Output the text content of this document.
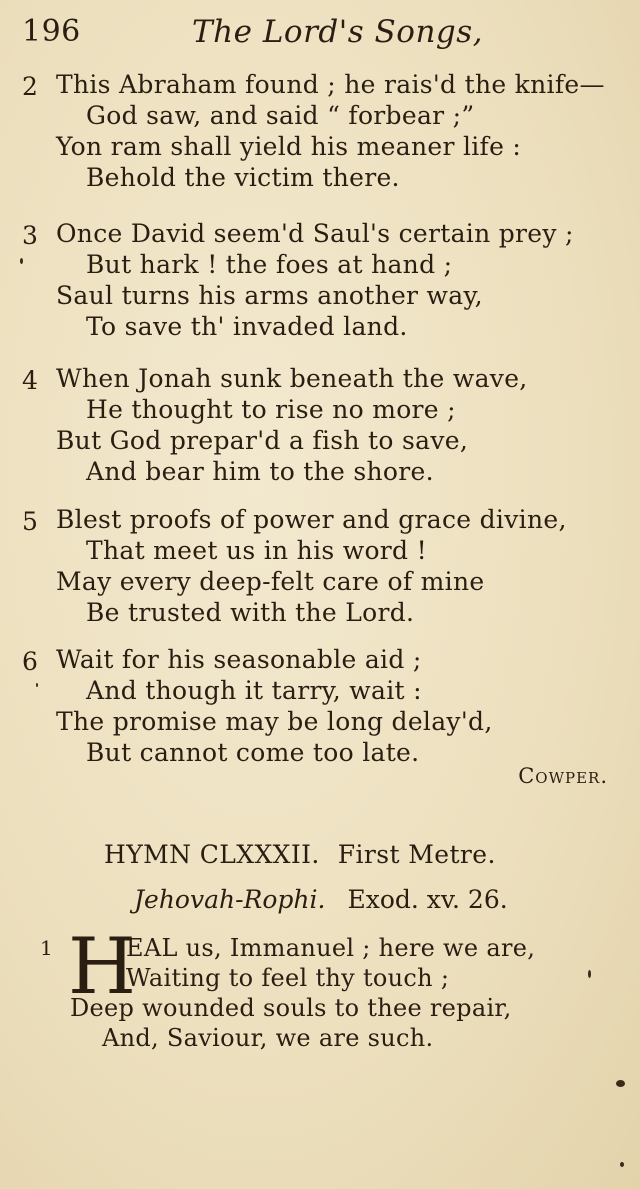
196	The Lord's Songs,
2 This Abraham found ; he rais'd the knife—
God saw, and said “ forbear ;”
Yon ram shall yield his meaner life :
Behold the victim there.
3 Once David seem'd Saul's certain prey ;
But hark ! the foes at hand ;
Saul turns his arms another way,
To save th' invaded land.
4 When Jonah sunk beneath the wave,
He thought to rise no more ;
But God prepar'd a fish to save,
And bear him to the shore.
5 Blest proofs of power and grace divine,
That meet us in his word !
May every deep-felt care of mine
Be trusted with the Lord.
6 Wait for his seasonable aid ;
And though it tarry, wait :
The promise may be long delay'd,
But cannot come too late.
Cowper.
HYMN CLXXXII. First Metre.
Jehovah-Rophi. Exod. xv. 26.
1 H
EAL us, Immanuel ; here we are,
Waiting to feel thy touch ;
Deep wounded souls to thee repair,
And, Saviour, we are such.
